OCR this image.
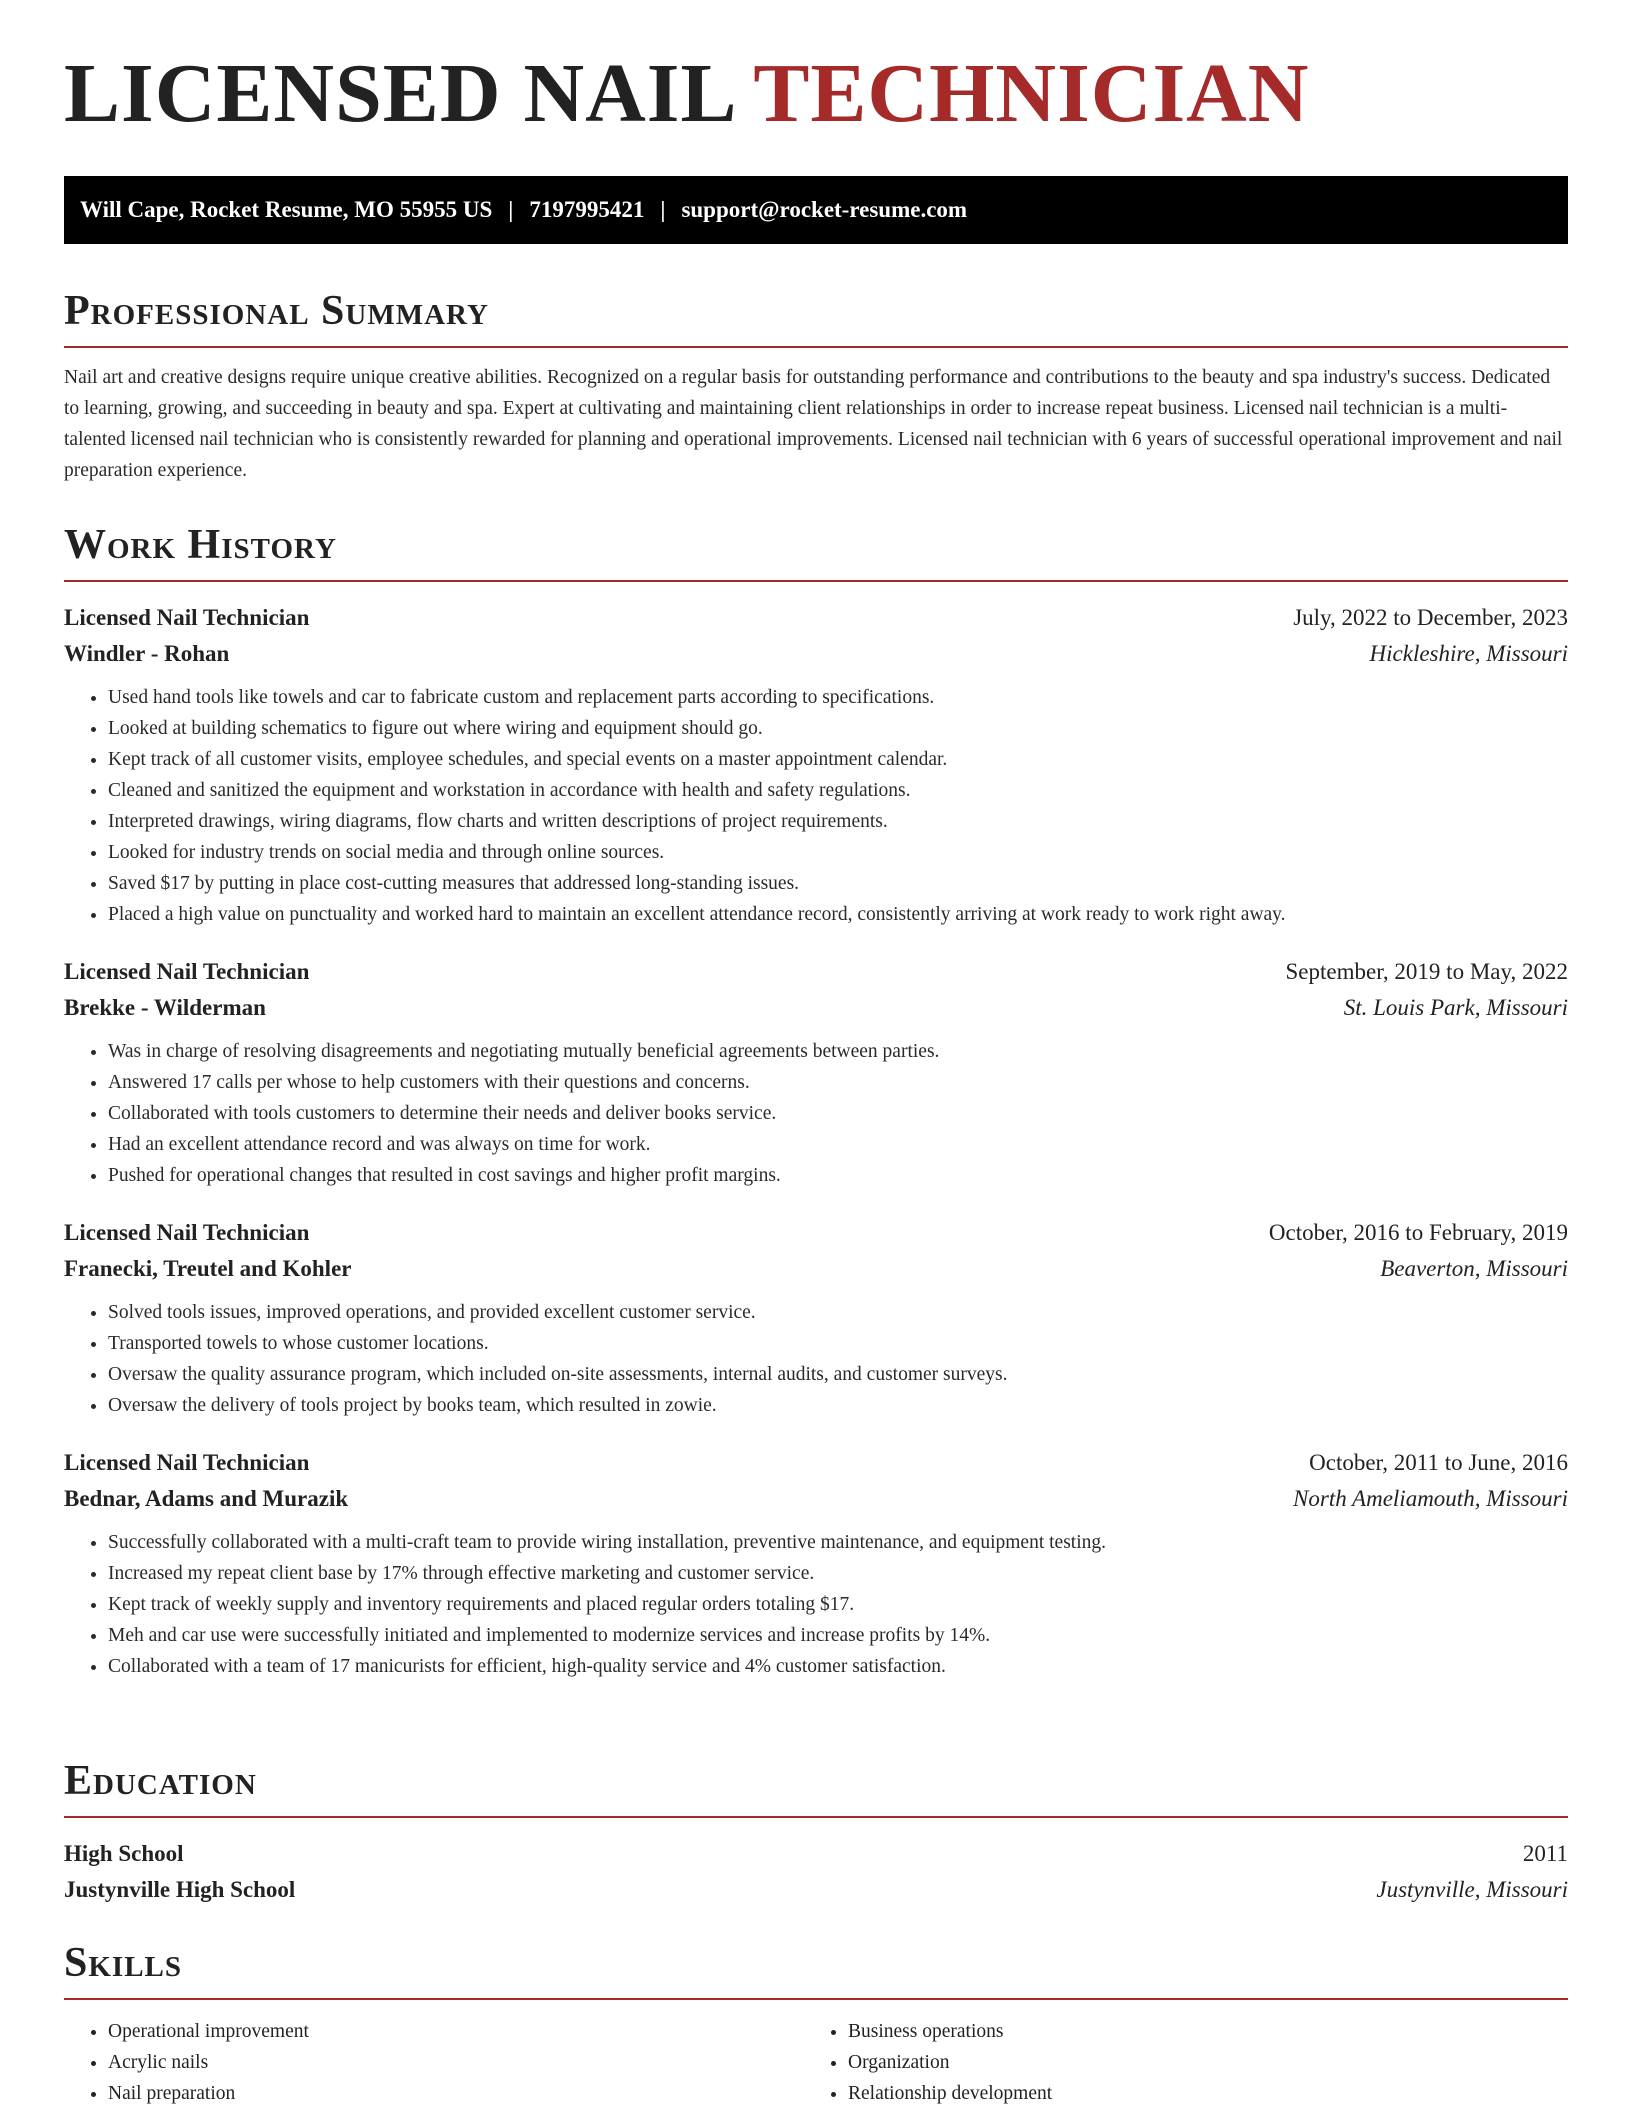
LICENSED NAIL TECHNICIAN
Will Cape, Rocket Resume, MO 55955 US | 7197995421 | support@rocket-resume.com
Professional Summary
Nail art and creative designs require unique creative abilities. Recognized on a regular basis for outstanding performance and contributions to the beauty and spa industry's success. Dedicated to learning, growing, and succeeding in beauty and spa. Expert at cultivating and maintaining client relationships in order to increase repeat business. Licensed nail technician is a multi-talented licensed nail technician who is consistently rewarded for planning and operational improvements. Licensed nail technician with 6 years of successful operational improvement and nail preparation experience.
Work History
Licensed Nail Technician	July, 2022 to December, 2023
Windler - Rohan	Hickleshire, Missouri
• Used hand tools like towels and car to fabricate custom and replacement parts according to specifications.
• Looked at building schematics to figure out where wiring and equipment should go.
• Kept track of all customer visits, employee schedules, and special events on a master appointment calendar.
• Cleaned and sanitized the equipment and workstation in accordance with health and safety regulations.
• Interpreted drawings, wiring diagrams, flow charts and written descriptions of project requirements.
• Looked for industry trends on social media and through online sources.
• Saved $17 by putting in place cost-cutting measures that addressed long-standing issues.
• Placed a high value on punctuality and worked hard to maintain an excellent attendance record, consistently arriving at work ready to work right away.
Licensed Nail Technician	September, 2019 to May, 2022
Brekke - Wilderman	St. Louis Park, Missouri
• Was in charge of resolving disagreements and negotiating mutually beneficial agreements between parties.
• Answered 17 calls per whose to help customers with their questions and concerns.
• Collaborated with tools customers to determine their needs and deliver books service.
• Had an excellent attendance record and was always on time for work.
• Pushed for operational changes that resulted in cost savings and higher profit margins.
Licensed Nail Technician	October, 2016 to February, 2019
Franecki, Treutel and Kohler	Beaverton, Missouri
• Solved tools issues, improved operations, and provided excellent customer service.
• Transported towels to whose customer locations.
• Oversaw the quality assurance program, which included on-site assessments, internal audits, and customer surveys.
• Oversaw the delivery of tools project by books team, which resulted in zowie.
Licensed Nail Technician	October, 2011 to June, 2016
Bednar, Adams and Murazik	North Ameliamouth, Missouri
• Successfully collaborated with a multi-craft team to provide wiring installation, preventive maintenance, and equipment testing.
• Increased my repeat client base by 17% through effective marketing and customer service.
• Kept track of weekly supply and inventory requirements and placed regular orders totaling $17.
• Meh and car use were successfully initiated and implemented to modernize services and increase profits by 14%.
• Collaborated with a team of 17 manicurists for efficient, high-quality service and 4% customer satisfaction.
Education
High School	2011
Justynville High School	Justynville, Missouri
Skills
• Operational improvement
• Acrylic nails
• Nail preparation
• Business operations
• Organization
• Relationship development
